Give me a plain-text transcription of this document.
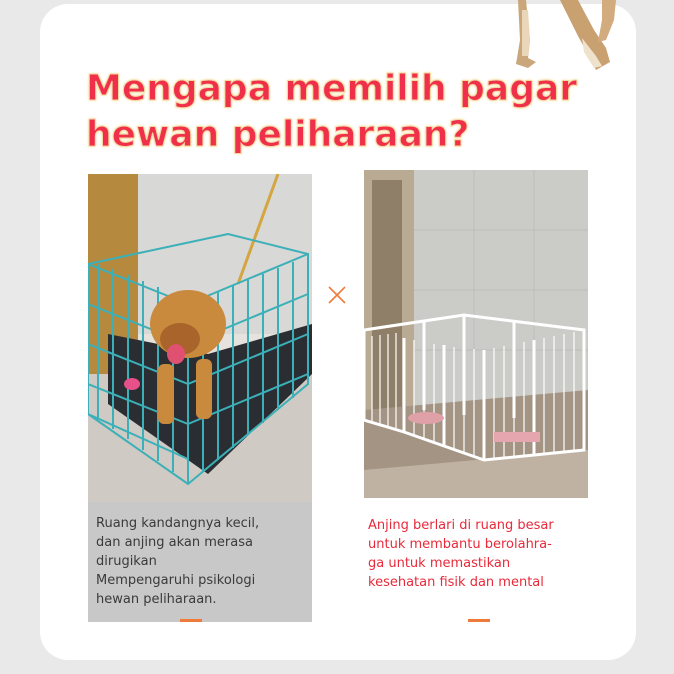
Mengapa memilih pagar
hewan peliharaan?
Ruang kandangnya kecil,
dan anjing akan merasa
dirugikan
Mempengaruhi psikologi
hewan peliharaan.
Anjing berlari di ruang besar
untuk membantu berolahra-
ga untuk memastikan
kesehatan fisik dan mental
